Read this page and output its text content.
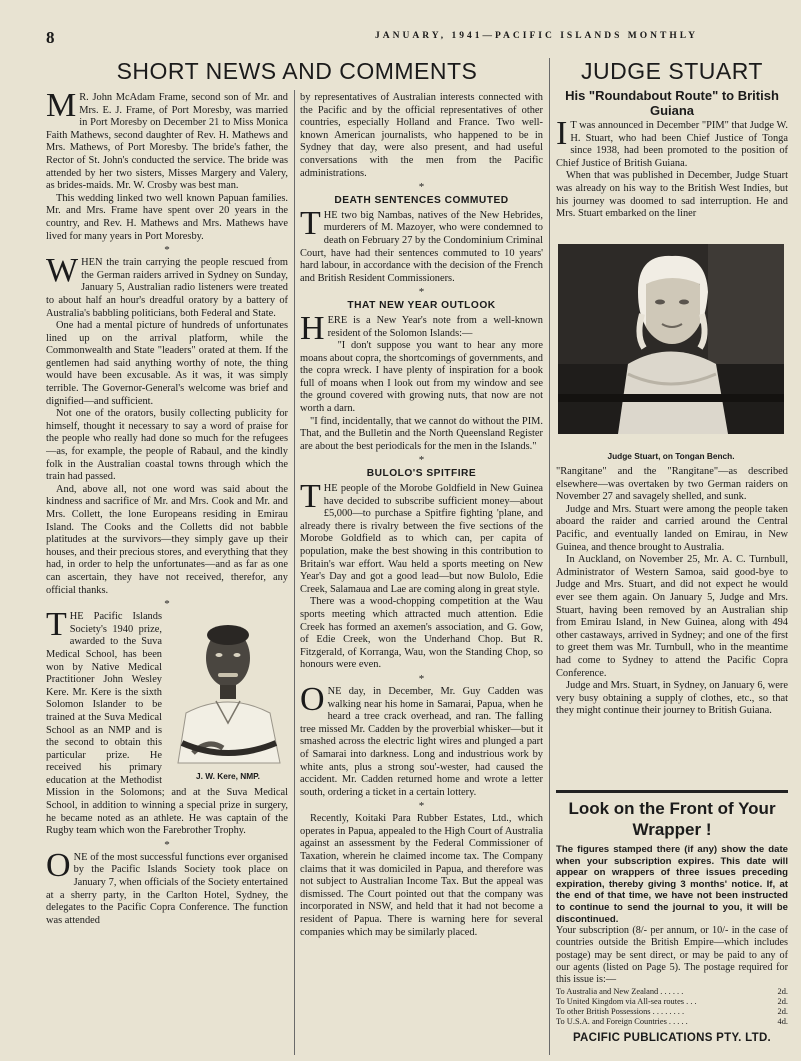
8	JANUARY, 1941—PACIFIC ISLANDS MONTHLY
SHORT NEWS AND COMMENTS	JUDGE STUART
His "Roundabout Route" to British Guiana

M R. John McAdam Frame, second son of Mr. and Mrs. E. J. Frame, of Port Moresby, was married in Port Moresby on December 21 to Miss Monica Faith Mathews, second daughter of Rev. H. Mathews and Mrs. Mathews, of Port Moresby. The bride's father, the Rector of St. John's conducted the service. The bride was attended by her two sisters, Misses Margery and Valery, as brides-maids. Mr. W. Crosby was best man.

This wedding linked two well known Papuan families. Mr. and Mrs. Frame have spent over 20 years in the country, and Rev. H. Mathews and Mrs. Mathews have lived for many years in Port Moresby.

*

WHEN the train carrying the people rescued from the German raiders arrived in Sydney on Sunday, January 5, Australian radio listeners were treated to about half an hour's dreadful oratory by a battery of Australia's babbling politicians, both Federal and State.

One had a mental picture of hundreds of unfortunates lined up on the arrival platform, while the Commonwealth and State "leaders" orated at them. If the gentlemen had said anything worthy of note, the thing would have been excusable. As it was, it was simply terrible. The Governor-General's welcome was brief and dignified—and sufficient.

Not one of the orators, busily collecting publicity for himself, thought it necessary to say a word of praise for the people who really had done so much for the refugees—as, for example, the people of Rabaul, and the kindly folk in the Australian coastal towns through which the train had passed.

And, above all, not one word was said about the kindness and sacrifice of Mr. and Mrs. Cook and Mr. and Mrs. Collett, the lone Europeans residing in Emirau Island. The Cooks and the Colletts did not babble platitudes at the survivors—they simply gave up their houses, and their precious stores, and everything that they had, in order to help the unfortunates—and as far as one can ascertain, they have not received, therefor, any official thanks.

*
J. W. Kere, NMP.

THE Pacific Islands Society's 1940 prize, awarded to the Suva Medical School, has been won by Native Medical Practitioner John Wesley Kere. Mr. Kere is the sixth Solomon Islander to be trained at the Suva Medical School as an NMP and is the second to obtain this particular prize. He received his primary education at the Methodist Mission in the Solomons; and at the Suva Medical School, in addition to winning a special prize in surgery, he became noted as an athlete. He was captain of the Rugby team which won the Farebrother Trophy.

*

ONE of the most successful functions ever organised by the Pacific Islands Society took place on January 7, when officials of the Society entertained at a sherry party, in the Carlton Hotel, Sydney, the delegates to the Pacific Copra Conference. The function was attended

by representatives of Australian interests connected with the Pacific and by the official representatives of other countries, especially Holland and France. Two well-known American journalists, who happened to be in Sydney that day, were also present, and had useful conversations with the men from the Pacific administrations.

*
DEATH SENTENCES COMMUTED

THE two big Nambas, natives of the New Hebrides, murderers of M. Mazoyer, who were condemned to death on February 27 by the Condominium Criminal Court, have had their sentences commuted to 10 years' hard labour, in accordance with the decision of the French and British Resident Commissioners.

*
THAT NEW YEAR OUTLOOK

HERE is a New Year's note from a well-known resident of the Solomon Islands:—

"I don't suppose you want to hear any more moans about copra, the shortcomings of governments, and the copra wreck. I have plenty of inspiration for a book full of moans when I look out from my window and see the ground covered with growing nuts, that now are not worth a darn.

"I find, incidentally, that we cannot do without the PIM. That, and the Bulletin and the North Queensland Register are about the best periodicals for the men in the Islands."

*
BULOLO'S SPITFIRE

THE people of the Morobe Goldfield in New Guinea have decided to subscribe sufficient money—about £5,000—to purchase a Spitfire fighting 'plane, and already there is rivalry between the five sections of the Morobe Goldfield as to which can, per capita of population, make the best showing in this contribution to Britain's war effort. Wau held a sports meeting on New Year's Day and got a good lead—but now Bulolo, Edie Creek, Salamaua and Lae are coming along in great style.

There was a wood-chopping competition at the Wau sports meeting which attracted much attention. Edie Creek has formed an axemen's association, and G. Gow, of Edie Creek, won the Underhand Chop. But R. Fitzgerald, of Korranga, Wau, won the Standing Chop, so honours were even.

*

ONE day, in December, Mr. Guy Cadden was walking near his home in Samarai, Papua, when he heard a tree crack overhead, and ran. The falling tree missed Mr. Cadden by the proverbial whisker—but it smashed across the electric light wires and plunged a part of Samarai into darkness. Long and industrious work by white ants, plus a strong sou'-wester, had caused the accident. Mr. Cadden returned home and wrote a letter south, ordering a ticket in a certain lottery.

*

Recently, Koitaki Para Rubber Estates, Ltd., which operates in Papua, appealed to the High Court of Australia against an assessment by the Federal Commissioner of Taxation, wherein he claimed income tax. The Company claims that it was domiciled in Papua, and therefore was not subject to Australian Income Tax. But the appeal was dismissed. The Court pointed out that the company was incorporated in NSW, and held that it had not become a resident of Papua. There is warning here for several companies which may be similarly placed.

I T was announced in December "PIM" that Judge W. H. Stuart, who had been Chief Justice of Tonga since 1938, had been promoted to the position of Chief Justice of British Guiana.

When that was published in December, Judge Stuart was already on his way to the British West Indies, but his journey was doomed to sad interruption. He and Mrs. Stuart embarked on the liner

Judge Stuart, on Tongan Bench.

"Rangitane" and the "Rangitane"—as described elsewhere—was overtaken by two German raiders on November 27 and savagely shelled, and sunk.

Judge and Mrs. Stuart were among the people taken aboard the raider and carried around the Central Pacific, and eventually landed on Emirau, in New Guinea, and thence brought to Australia.

In Auckland, on November 25, Mr. A. C. Turnbull, Administrator of Western Samoa, said good-bye to Judge and Mrs. Stuart, and did not expect he would ever see them again. On January 5, Judge and Mrs. Stuart, having been removed by an Australian ship from Emirau Island, in New Guinea, along with 494 other castaways, arrived in Sydney; and one of the first to greet them was Mr. Turnbull, who in the meantime had come to Sydney to attend the Pacific Copra Conference.

Judge and Mrs. Stuart, in Sydney, on January 6, were very busy obtaining a supply of clothes, etc., so that they might continue their journey to British Guiana.

Look on the Front of Your Wrapper !
The figures stamped there (if any) show the date when your subscription expires. This date will appear on wrappers of three issues preceding expiration, thereby giving 3 months' notice. If, at the end of that time, we have not been instructed to continue to send the journal to you, it will be discontinued.
Your subscription (8/- per annum, or 10/- in the case of countries outside the British Empire—which includes postage) may be sent direct, or may be paid to any of our agents (listed on Page 5). The postage required for this issue is:—
To Australia and New Zealand . . . . . .	2d.
To United Kingdom via All-sea routes . . .	2d.
To other British Possessions . . . . . . . .	2d.
To U.S.A. and Foreign Countries . . . . .	4d.
PACIFIC PUBLICATIONS PTY. LTD.
